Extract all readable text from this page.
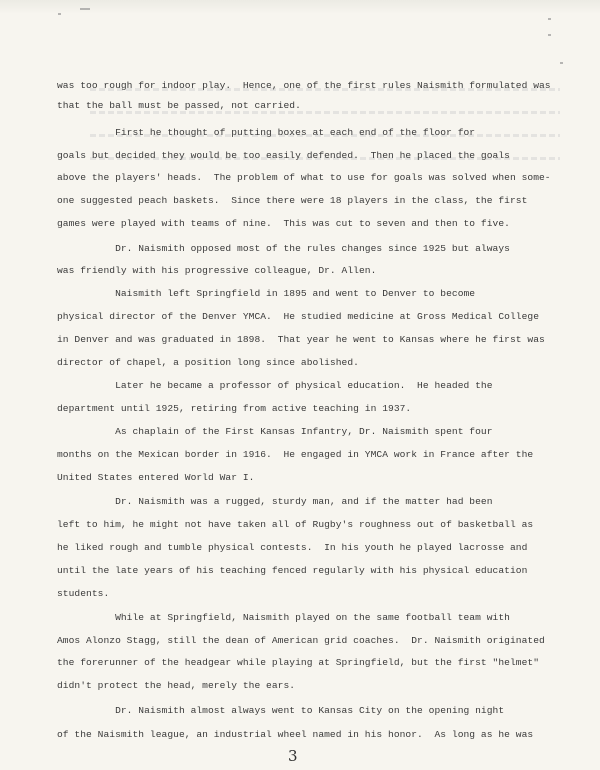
was too rough for indoor play.  Hence, one of the first rules Naismith formulated was

that the ball must be passed, not carried.

First he thought of putting boxes at each end of the floor for

goals but decided they would be too easily defended.  Then he placed the goals

above the players' heads.  The problem of what to use for goals was solved when some-

one suggested peach baskets.  Since there were 18 players in the class, the first

games were played with teams of nine.  This was cut to seven and then to five.

Dr. Naismith opposed most of the rules changes since 1925 but always

was friendly with his progressive colleague, Dr. Allen.

Naismith left Springfield in 1895 and went to Denver to become

physical director of the Denver YMCA.  He studied medicine at Gross Medical College

in Denver and was graduated in 1898.  That year he went to Kansas where he first was

director of chapel, a position long since abolished.

Later he became a professor of physical education.  He headed the

department until 1925, retiring from active teaching in 1937.

As chaplain of the First Kansas Infantry, Dr. Naismith spent four

months on the Mexican border in 1916.  He engaged in YMCA work in France after the

United States entered World War I.

Dr. Naismith was a rugged, sturdy man, and if the matter had been

left to him, he might not have taken all of Rugby's roughness out of basketball as

he liked rough and tumble physical contests.  In his youth he played lacrosse and

until the late years of his teaching fenced regularly with his physical education

students.

While at Springfield, Naismith played on the same football team with

Amos Alonzo Stagg, still the dean of American grid coaches.  Dr. Naismith originated

the forerunner of the headgear while playing at Springfield, but the first "helmet"

didn't protect the head, merely the ears.

Dr. Naismith almost always went to Kansas City on the opening night

of the Naismith league, an industrial wheel named in his honor.  As long as he was

3
